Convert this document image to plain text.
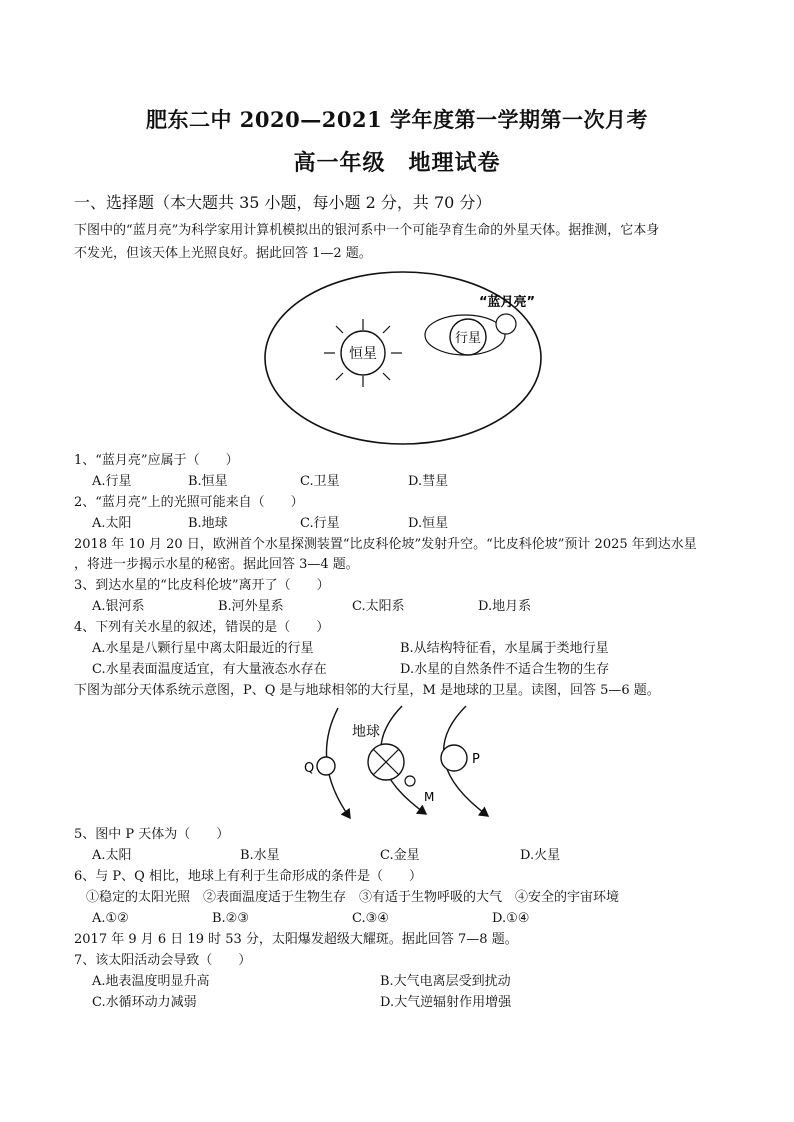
肥东二中 2020—2021 学年度第一学期第一次月考
高一年级　地理试卷
一、选择题（本大题共 35 小题，每小题 2 分，共 70 分）
下图中的“蓝月亮”为科学家用计算机模拟出的银河系中一个可能孕育生命的外星天体。据推测，它本身
不发光，但该天体上光照良好。据此回答 1—2 题。
恒星
行星
“蓝月亮”
1、“蓝月亮”应属于（　　）
A.行星	B.恒星	C.卫星	D.彗星
2、“蓝月亮”上的光照可能来自（　　）
A.太阳	B.地球	C.行星	D.恒星
2018 年 10 月 20 日，欧洲首个水星探测装置“比皮科伦坡”发射升空。“比皮科伦坡”预计 2025 年到达水星
，将进一步揭示水星的秘密。据此回答 3—4 题。
3、到达水星的“比皮科伦坡”离开了（　　）
A.银河系	B.河外星系	C.太阳系	D.地月系
4、下列有关水星的叙述，错误的是（　　）
A.水星是八颗行星中离太阳最近的行星	B.从结构特征看，水星属于类地行星
C.水星表面温度适宜，有大量液态水存在	D.水星的自然条件不适合生物的生存
下图为部分天体系统示意图，P、Q 是与地球相邻的大行星，M 是地球的卫星。读图，回答 5—6 题。
Q
地球
M
P
5、图中 P 天体为（　　）
A.太阳	B.水星	C.金星	D.火星
6、与 P、Q 相比，地球上有利于生命形成的条件是（　　）
①稳定的太阳光照　②表面温度适于生物生存　③有适于生物呼吸的大气　④安全的宇宙环境
A.①②	B.②③	C.③④	D.①④
2017 年 9 月 6 日 19 时 53 分，太阳爆发超级大耀斑。据此回答 7—8 题。
7、该太阳活动会导致（　　）
A.地表温度明显升高	B.大气电离层受到扰动
C.水循环动力减弱	D.大气逆辐射作用增强
